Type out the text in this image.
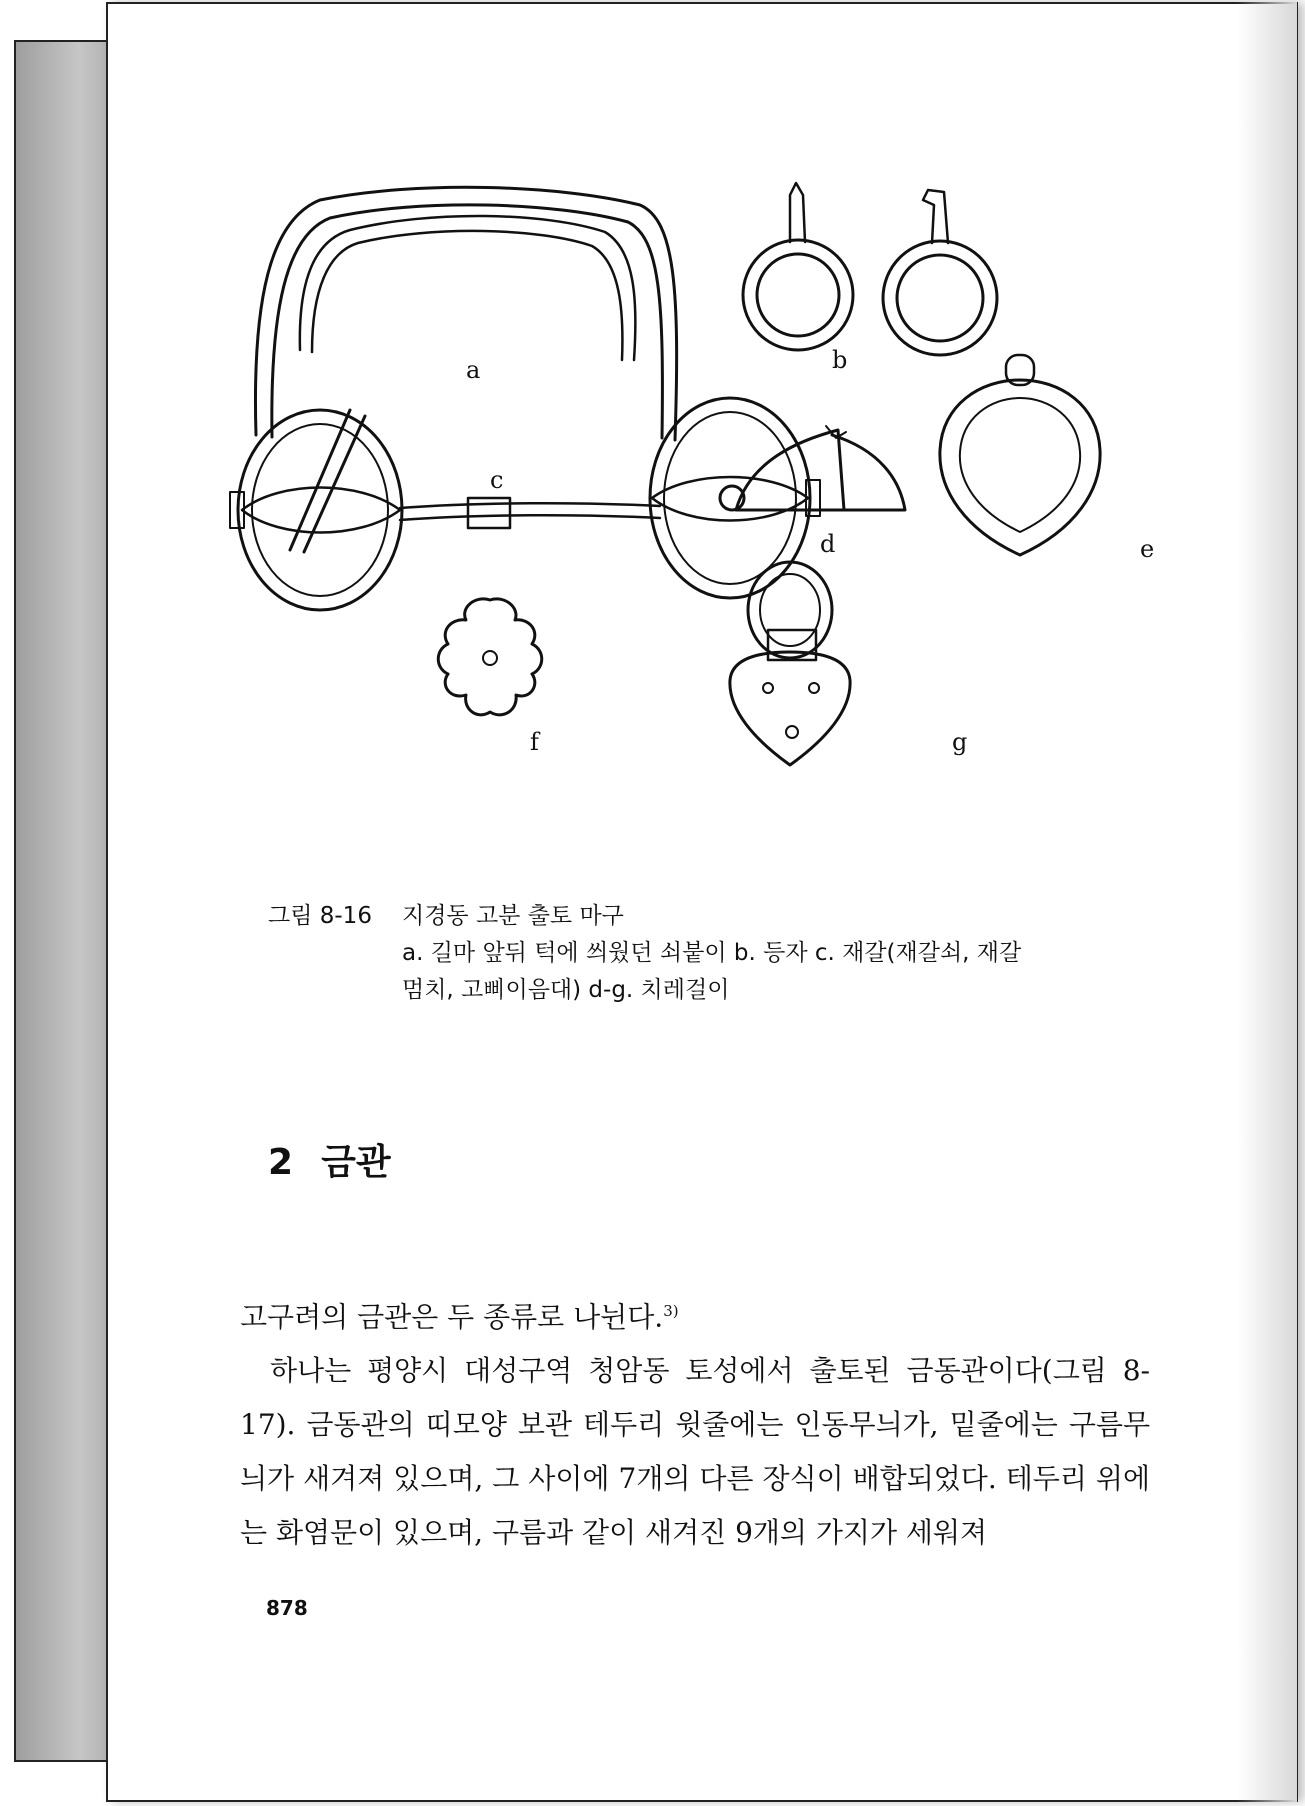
a	b
c
d	e
f	g
그림 8-16 지경동 고분 출토 마구
a. 길마 앞뒤 턱에 씌웠던 쇠붙이 b. 등자 c. 재갈(재갈쇠, 재갈
멈치, 고삐이음대) d-g. 치레걸이
2 금관

고구려의 금관은 두 종류로 나뉜다.$^{3)}$

하나는 평양시 대성구역 청암동 토성에서 출토된 금동관이다(그림 8-17). 금동관의 띠모양 보관 테두리 윗줄에는 인동무늬가, 밑줄에는 구름무늬가 새겨져 있으며, 그 사이에 7개의 다른 장식이 배합되었다. 테두리 위에는 화염문이 있으며, 구름과 같이 새겨진 9개의 가지가 세워져

878
